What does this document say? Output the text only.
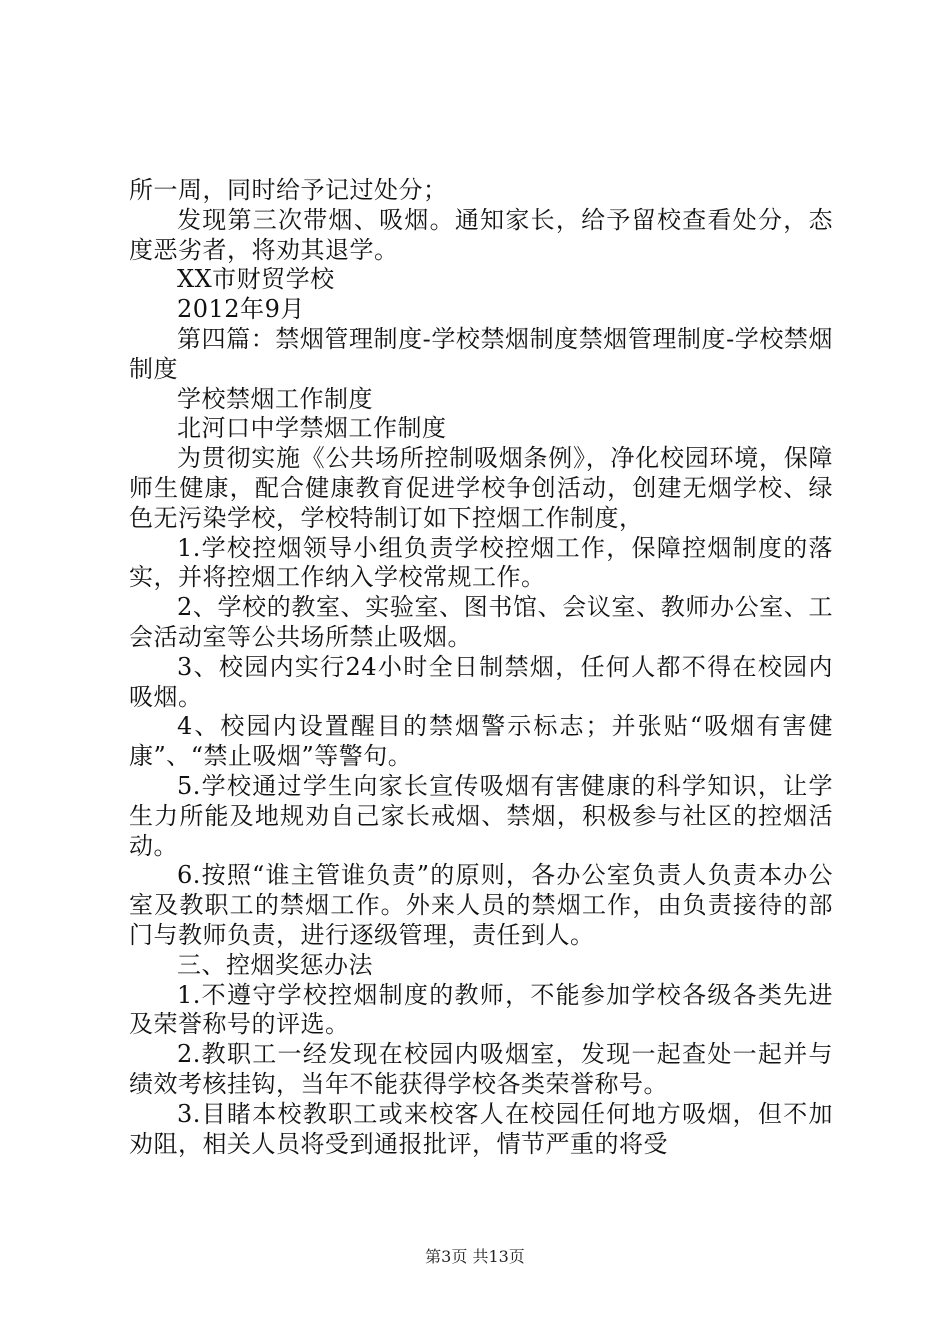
所一周，同时给予记过处分；

发现第三次带烟、吸烟。通知家长，给予留校查看处分，态度恶劣者，将劝其退学。

XX市财贸学校

2012年9月

第四篇：禁烟管理制度-学校禁烟制度禁烟管理制度-学校禁烟制度

学校禁烟工作制度

北河口中学禁烟工作制度

为贯彻实施《公共场所控制吸烟条例》，净化校园环境，保障师生健康，配合健康教育促进学校争创活动，创建无烟学校、绿色无污染学校，学校特制订如下控烟工作制度，

1.学校控烟领导小组负责学校控烟工作，保障控烟制度的落实，并将控烟工作纳入学校常规工作。

2、学校的教室、实验室、图书馆、会议室、教师办公室、工会活动室等公共场所禁止吸烟。

3、校园内实行24小时全日制禁烟，任何人都不得在校园内吸烟。

4、校园内设置醒目的禁烟警示标志；并张贴“吸烟有害健康”、“禁止吸烟”等警句。

5.学校通过学生向家长宣传吸烟有害健康的科学知识，让学生力所能及地规劝自己家长戒烟、禁烟，积极参与社区的控烟活动。

6.按照“谁主管谁负责”的原则，各办公室负责人负责本办公室及教职工的禁烟工作。外来人员的禁烟工作，由负责接待的部门与教师负责，进行逐级管理，责任到人。

三、控烟奖惩办法

1.不遵守学校控烟制度的教师，不能参加学校各级各类先进及荣誉称号的评选。

2.教职工一经发现在校园内吸烟室，发现一起查处一起并与绩效考核挂钩，当年不能获得学校各类荣誉称号。

3.目睹本校教职工或来校客人在校园任何地方吸烟，但不加劝阻，相关人员将受到通报批评，情节严重的将受

第3页 共13页
